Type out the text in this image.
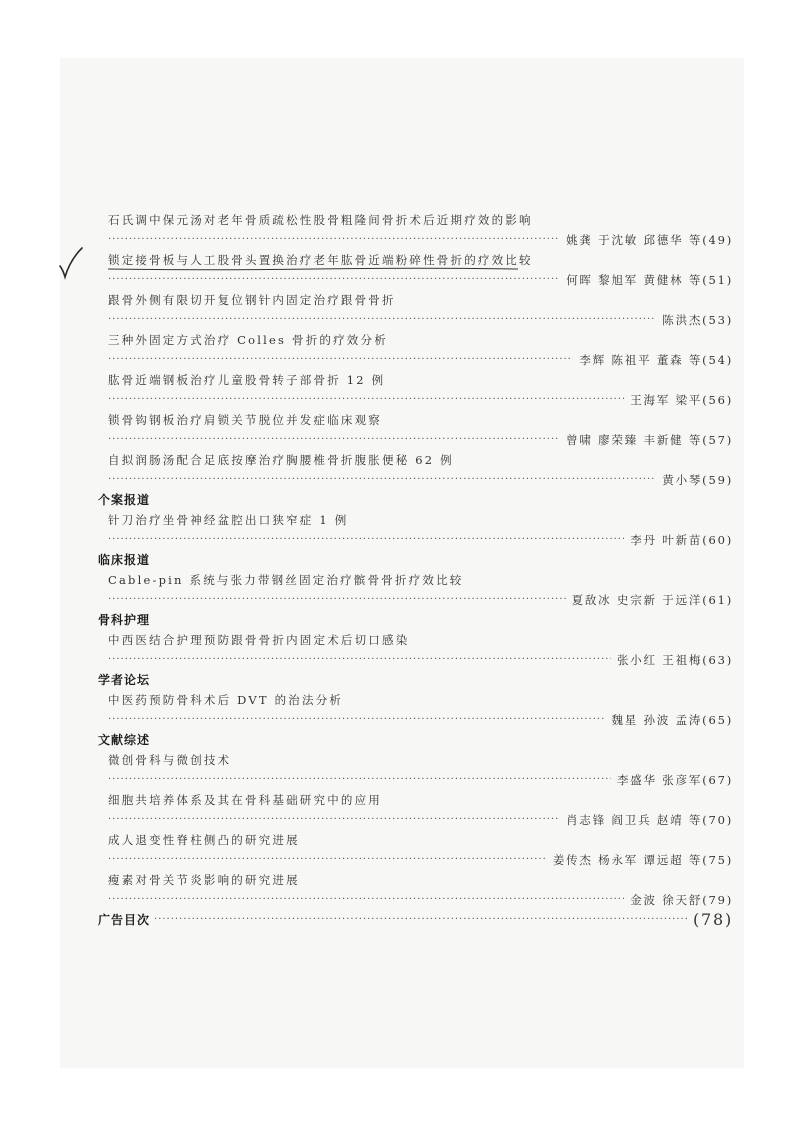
石氏调中保元汤对老年骨质疏松性股骨粗隆间骨折术后近期疗效的影响
·····
姚龚 于沈敏 邱德华 等(49)
锁定接骨板与人工股骨头置换治疗老年肱骨近端粉碎性骨折的疗效比较
·····
何晖 黎旭军 黄健林 等(51)
跟骨外侧有限切开复位钢针内固定治疗跟骨骨折
·····
陈洪杰(53)
三种外固定方式治疗 Colles 骨折的疗效分析
·····
李辉 陈祖平 董森 等(54)
肱骨近端钢板治疗儿童股骨转子部骨折 12 例
·····
王海军 梁平(56)
锁骨钩钢板治疗肩锁关节脱位并发症临床观察
·····
曾啸 廖荣臻 丰新健 等(57)
自拟润肠汤配合足底按摩治疗胸腰椎骨折腹胀便秘 62 例
·····
黄小琴(59)
个案报道
针刀治疗坐骨神经盆腔出口狭窄症 1 例
·····
李丹 叶新苗(60)
临床报道
Cable-pin 系统与张力带钢丝固定治疗髌骨骨折疗效比较
·····
夏敌冰 史宗新 于远洋(61)
骨科护理
中西医结合护理预防跟骨骨折内固定术后切口感染
·····
张小红 王祖梅(63)
学者论坛
中医药预防骨科术后 DVT 的治法分析
·····
魏星 孙波 孟涛(65)
文献综述
微创骨科与微创技术
·····
李盛华 张彦军(67)
细胞共培养体系及其在骨科基础研究中的应用
·····
肖志锋 阎卫兵 赵靖 等(70)
成人退变性脊柱侧凸的研究进展
·····
姜传杰 杨永军 谭远超 等(75)
瘦素对骨关节炎影响的研究进展
·····
金波 徐天舒(79)
广告目次
·····	(78)
